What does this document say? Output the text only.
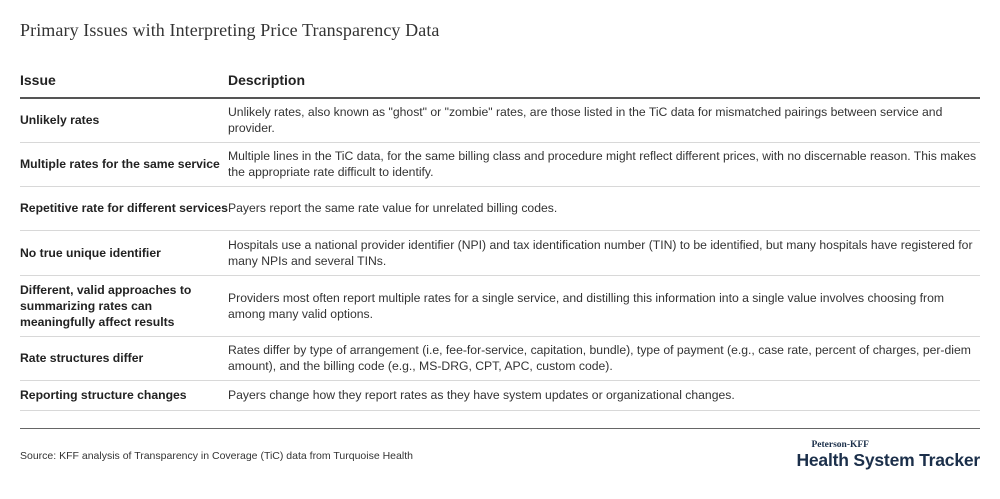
Primary Issues with Interpreting Price Transparency Data
Issue	Description
Unlikely rates	Unlikely rates, also known as "ghost" or "zombie" rates, are those listed in the TiC data for mismatched pairings between service and provider.
Multiple rates for the same service	Multiple lines in the TiC data, for the same billing class and procedure might reflect different prices, with no discernable reason. This makes the appropriate rate difficult to identify.
Repetitive rate for different services	Payers report the same rate value for unrelated billing codes.
No true unique identifier	Hospitals use a national provider identifier (NPI) and tax identification number (TIN) to be identified, but many hospitals have registered for many NPIs and several TINs.
Different, valid approaches to summarizing rates can meaningfully affect results	Providers most often report multiple rates for a single service, and distilling this information into a single value involves choosing from among many valid options.
Rate structures differ	Rates differ by type of arrangement (i.e, fee-for-service, capitation, bundle), type of payment (e.g., case rate, percent of charges, per-diem amount), and the billing code (e.g., MS-DRG, CPT, APC, custom code).
Reporting structure changes	Payers change how they report rates as they have system updates or organizational changes.
Source: KFF analysis of Transparency in Coverage (TiC) data from Turquoise Health
Peterson-KFF
Health System Tracker
